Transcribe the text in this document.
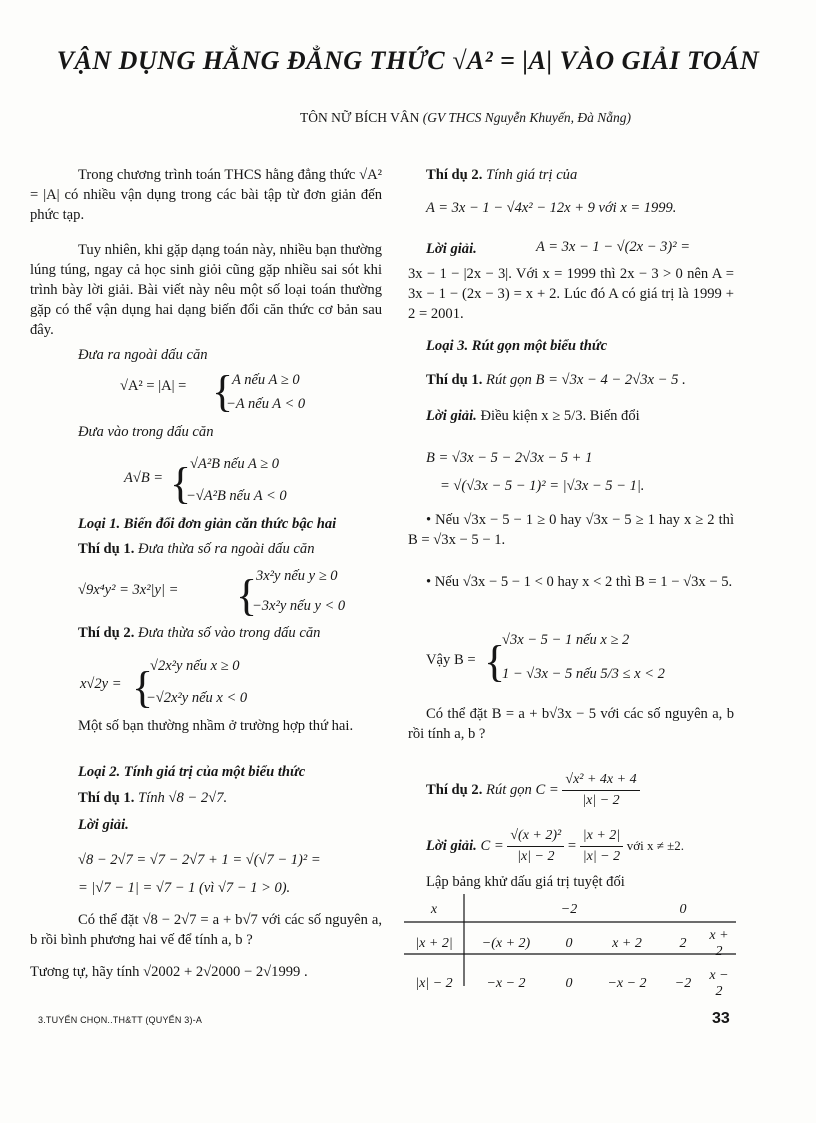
VẬN DỤNG HẰNG ĐẲNG THỨC √A² = |A| VÀO GIẢI TOÁN
TÔN NỮ BÍCH VÂN (GV THCS Nguyễn Khuyến, Đà Nẵng)
Trong chương trình toán THCS hằng đẳng thức √A² = |A| có nhiều vận dụng trong các bài tập từ đơn giản đến phức tạp.
Tuy nhiên, khi gặp dạng toán này, nhiều bạn thường lúng túng, ngay cả học sinh giỏi cũng gặp nhiều sai sót khi trình bày lời giải. Bài viết này nêu một số loại toán thường gặp có thể vận dụng hai dạng biến đổi căn thức cơ bản sau đây.
Đưa ra ngoài dấu căn
√A² = |A| = {
A nếu A ≥ 0
−A nếu A < 0
Đưa vào trong dấu căn
A√B = {
√A²B nếu A ≥ 0
−√A²B nếu A < 0
Loại 1. Biến đổi đơn giản căn thức bậc hai
Thí dụ 1. Đưa thừa số ra ngoài dấu căn
√9x⁴y² = 3x²|y| = {
3x²y nếu y ≥ 0
−3x²y nếu y < 0
Thí dụ 2. Đưa thừa số vào trong dấu căn
x√2y = {
√2x²y nếu x ≥ 0
−√2x²y nếu x < 0
Một số bạn thường nhầm ở trường hợp thứ hai.
Loại 2. Tính giá trị của một biểu thức
Thí dụ 1. Tính √8 − 2√7.
Lời giải.
√8 − 2√7 = √7 − 2√7 + 1 = √(√7 − 1)² =
= |√7 − 1| = √7 − 1 (vì √7 − 1 > 0).
Có thể đặt √8 − 2√7 = a + b√7 với các số nguyên a, b rồi bình phương hai vế để tính a, b ?
Tương tự, hãy tính √2002 + 2√2000 − 2√1999 .
Thí dụ 2. Tính giá trị của
A = 3x − 1 − √4x² − 12x + 9 với x = 1999.
Lời giải.	A = 3x − 1 − √(2x − 3)² =
3x − 1 − |2x − 3|. Với x = 1999 thì 2x − 3 > 0 nên A = 3x − 1 − (2x − 3) = x + 2. Lúc đó A có giá trị là 1999 + 2 = 2001.
Loại 3. Rút gọn một biểu thức
Thí dụ 1. Rút gọn B = √3x − 4 − 2√3x − 5 .
Lời giải. Điều kiện x ≥ 5/3. Biến đổi
B = √3x − 5 − 2√3x − 5 + 1
= √(√3x − 5 − 1)² = |√3x − 5 − 1|.
• Nếu √3x − 5 − 1 ≥ 0 hay √3x − 5 ≥ 1 hay x ≥ 2 thì B = √3x − 5 − 1.
• Nếu √3x − 5 − 1 < 0 hay x < 2 thì B = 1 − √3x − 5.
Vậy B = {
√3x − 5 − 1 nếu x ≥ 2
1 − √3x − 5 nếu 5/3 ≤ x < 2
Có thể đặt B = a + b√3x − 5 với các số nguyên a, b rồi tính a, b ?
Thí dụ 2. Rút gọn $C = \frac{\text{√x² + 4x + 4}}{|x| - 2}$
Lời giải. $C = \frac{\text{√(x + 2)²}}{|x| - 2} = \frac{|x + 2|}{|x| - 2}$ với x ≠ ±2.
Lập bảng khử dấu giá trị tuyệt đối
x		−2		0	
|x + 2|	−(x + 2)	0	x + 2	2	x + 2
|x| − 2	−x − 2	0	−x − 2	−2	x − 2
3.TUYỂN CHỌN..TH&TT (QUYỂN 3)-A	33
